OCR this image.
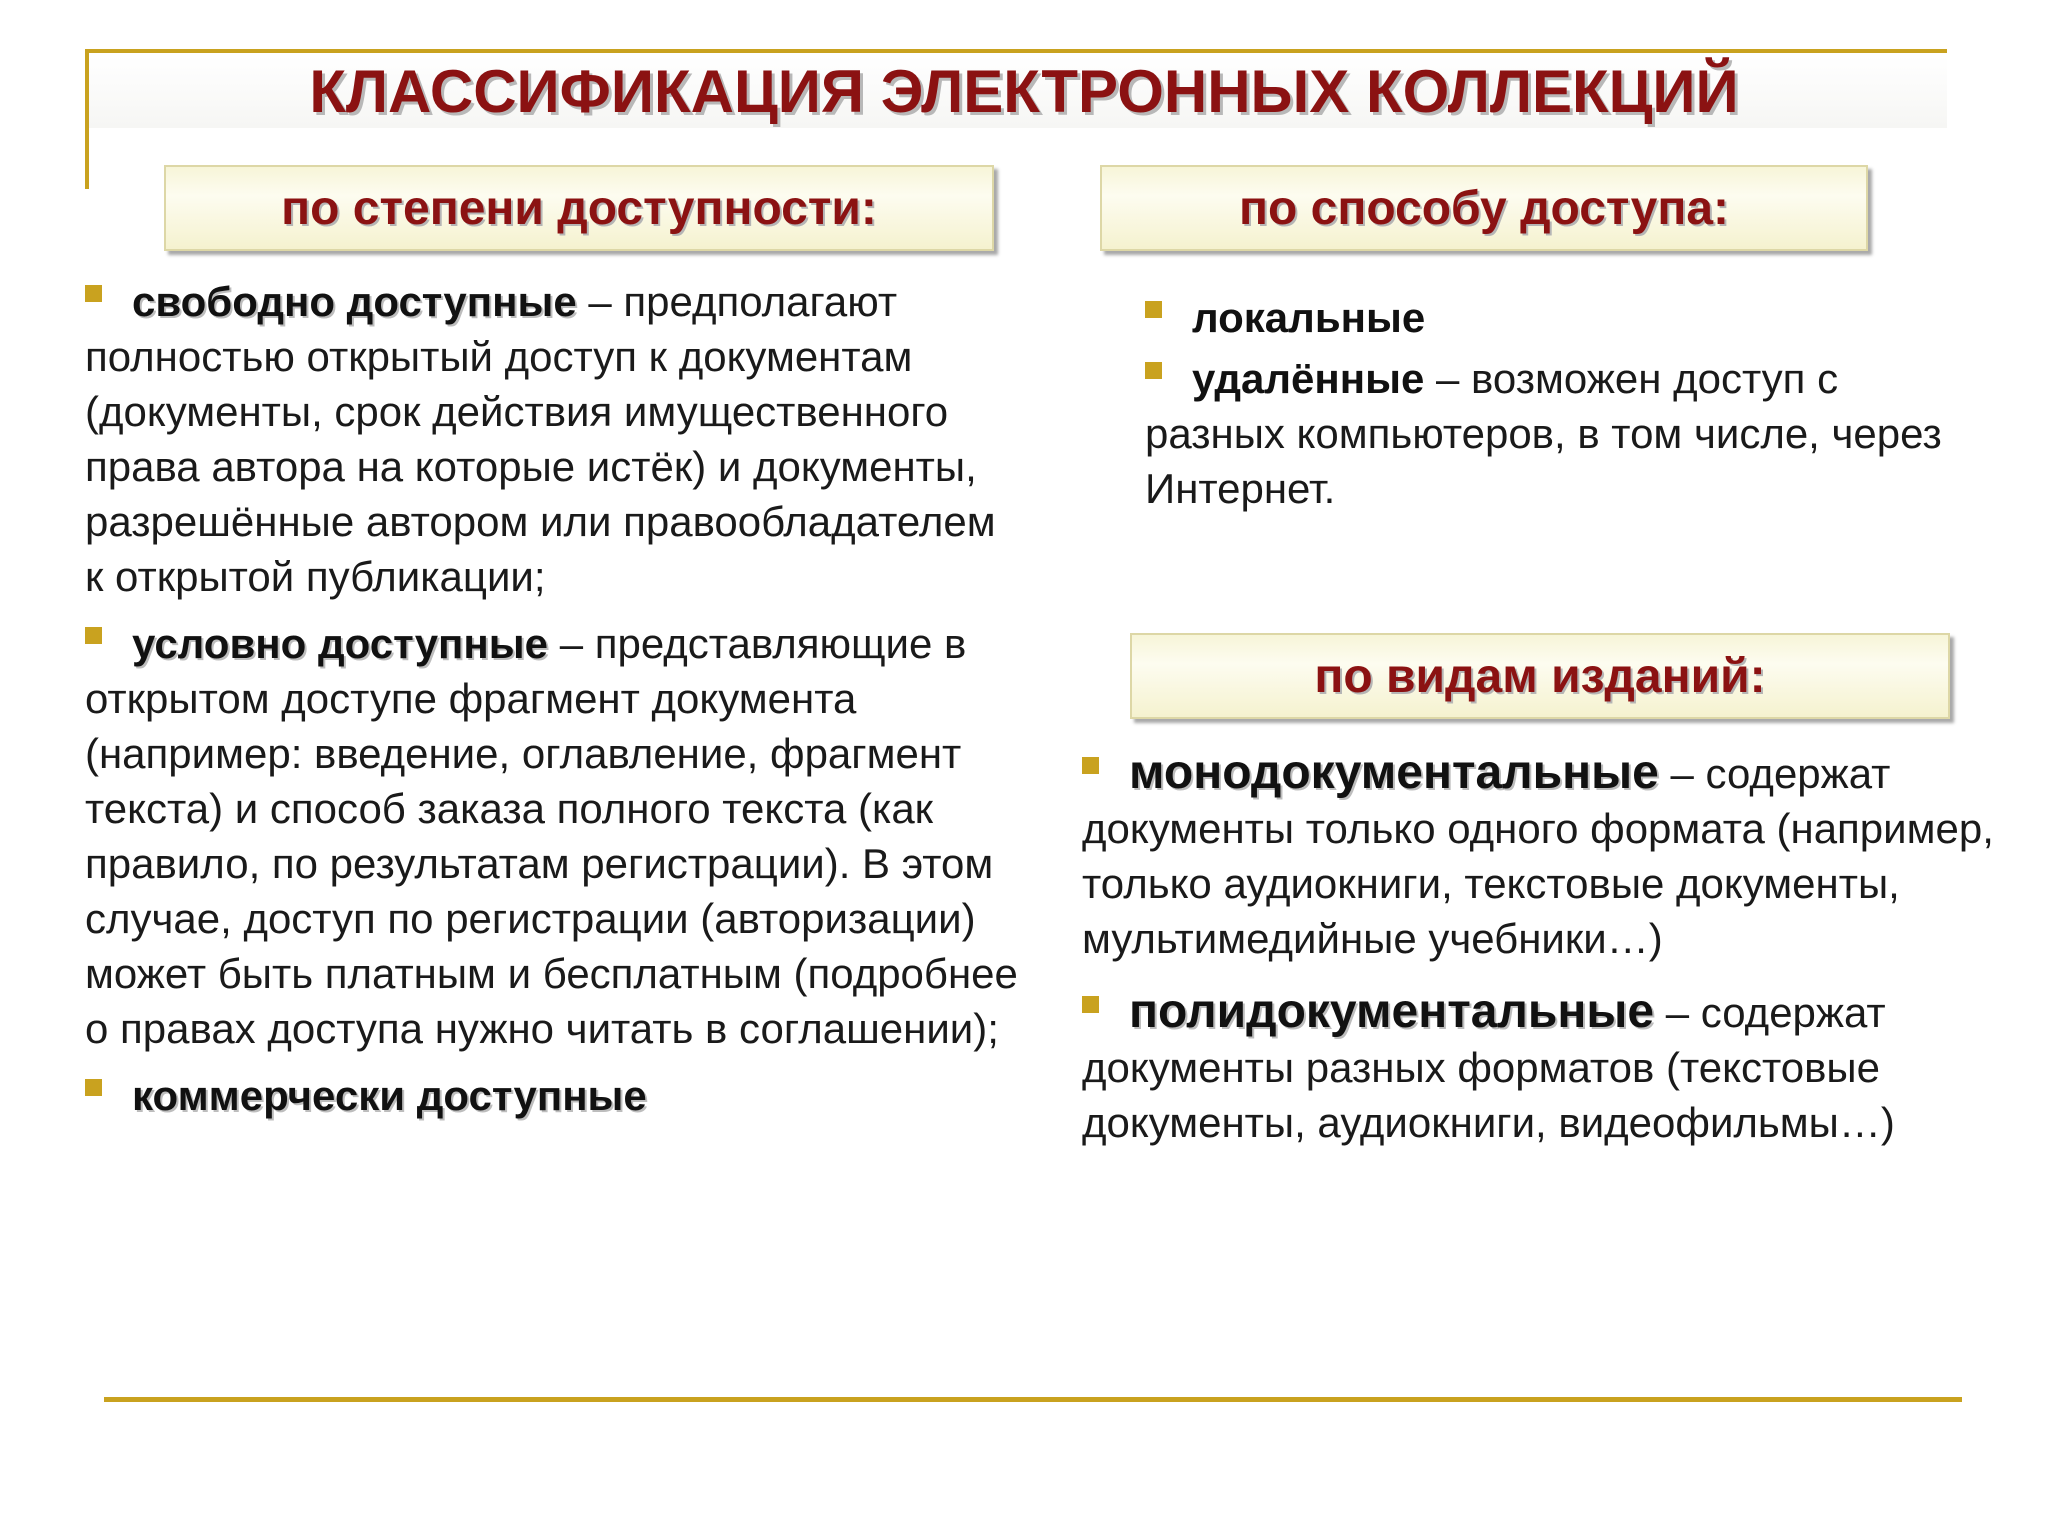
КЛАССИФИКАЦИЯ ЭЛЕКТРОННЫХ КОЛЛЕКЦИЙ
по степени доступности:	по способу доступа:
по видам изданий:
свободно доступные – предполагают полностью открытый доступ к документам (документы, срок действия имущественного права автора на которые истёк) и документы, разрешённые автором или правообладателем к открытой публикации;
условно доступные – представляющие в открытом доступе фрагмент документа (например: введение, оглавление, фрагмент текста) и способ заказа полного текста (как правило, по результатам регистрации). В этом случае, доступ по регистрации (авторизации) может быть платным и бесплатным (подробнее о правах доступа нужно читать в соглашении);
коммерчески доступные
локальные
удалённые – возможен доступ с разных компьютеров, в том числе, через Интернет.
монодокументальные – содержат документы только одного формата (например, только аудиокниги, текстовые документы, мультимедийные учебники…)
полидокументальные – содержат документы разных форматов (текстовые документы, аудиокниги, видеофильмы…)
